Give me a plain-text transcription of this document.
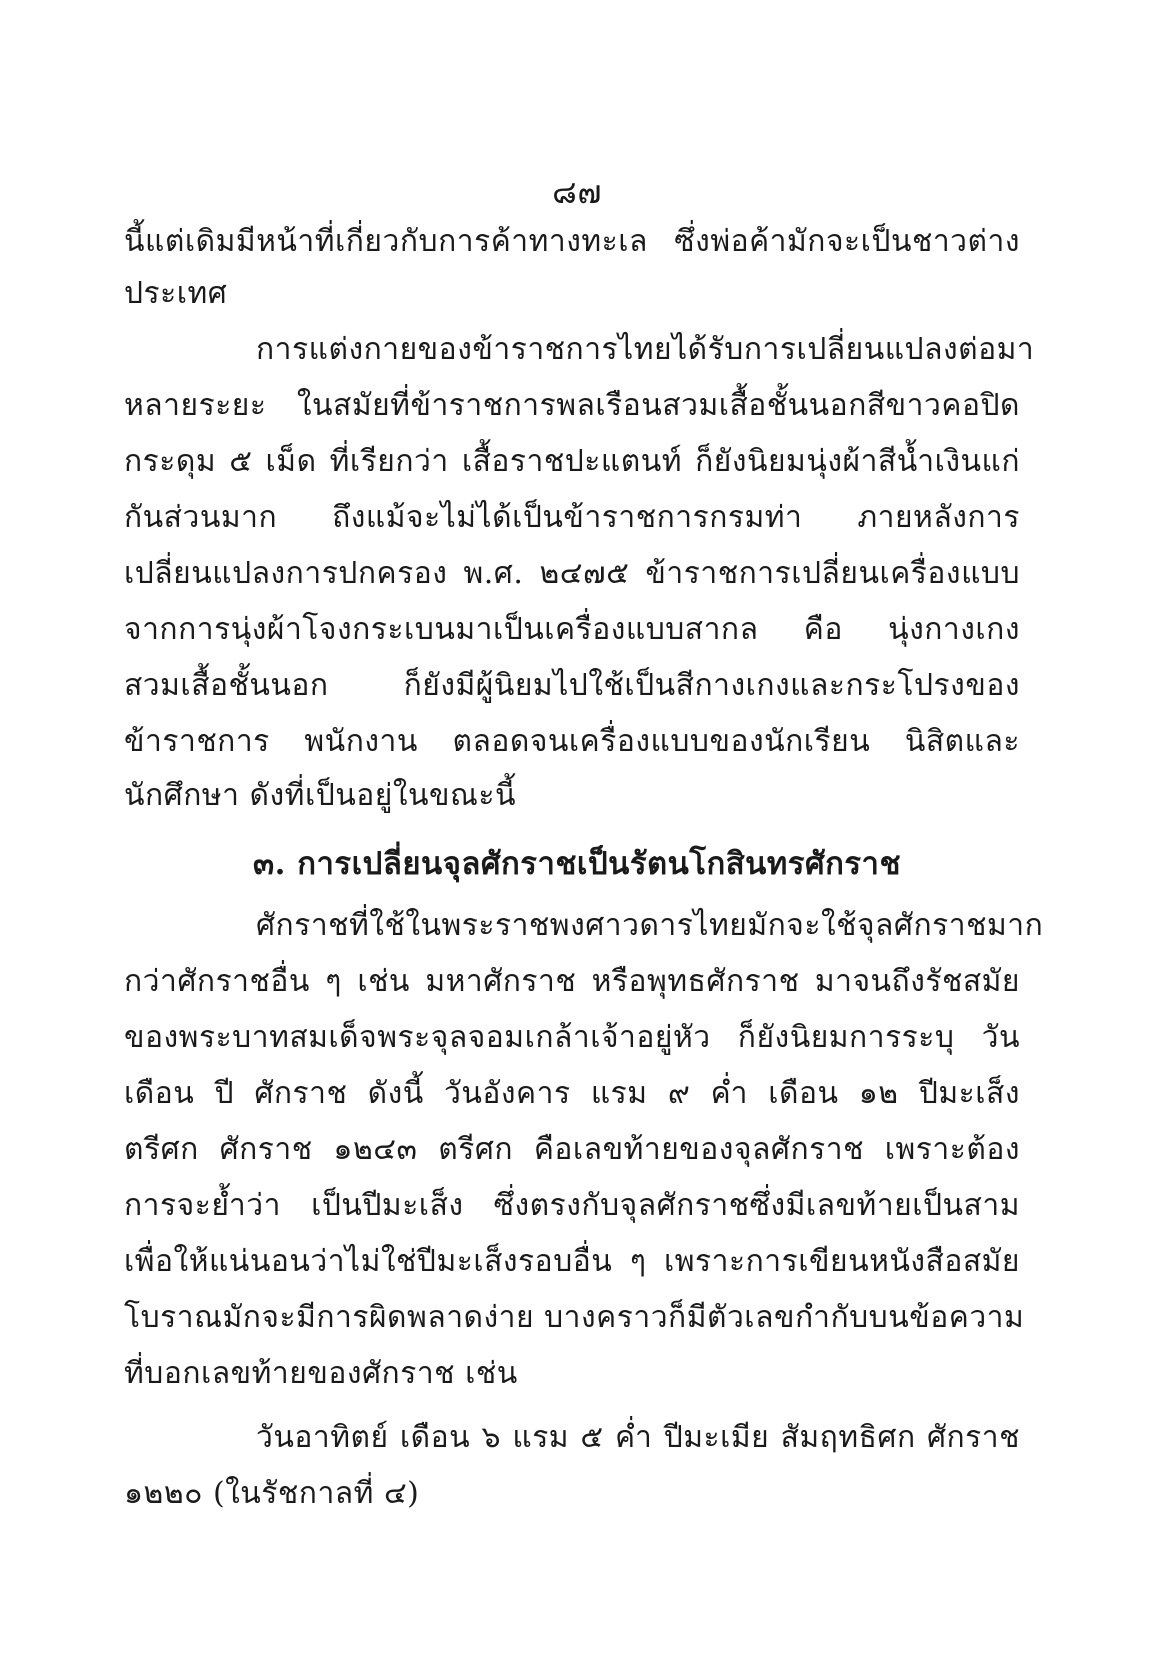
๘๗
นี้แต่เดิมมีหน้าที่เกี่ยวกับการค้าทางทะเล ซึ่งพ่อค้ามักจะเป็นชาวต่าง
ประเทศ
การแต่งกายของข้าราชการไทยได้รับการเปลี่ยนแปลงต่อมา
หลายระยะ ในสมัยที่ข้าราชการพลเรือนสวมเสื้อชั้นนอกสีขาวคอปิด
กระดุม ๕ เม็ด ที่เรียกว่า เสื้อราชปะแตนท์ ก็ยังนิยมนุ่งผ้าสีน้ำเงินแก่
กันส่วนมาก ถึงแม้จะไม่ได้เป็นข้าราชการกรมท่า ภายหลังการ
เปลี่ยนแปลงการปกครอง พ.ศ. ๒๔๗๕ ข้าราชการเปลี่ยนเครื่องแบบ
จากการนุ่งผ้าโจงกระเบนมาเป็นเครื่องแบบสากล คือ นุ่งกางเกง
สวมเสื้อชั้นนอก ก็ยังมีผู้นิยมไปใช้เป็นสีกางเกงและกระโปรงของ
ข้าราชการ พนักงาน ตลอดจนเครื่องแบบของนักเรียน นิสิตและ
นักศึกษา ดังที่เป็นอยู่ในขณะนี้
๓. การเปลี่ยนจุลศักราชเป็นรัตนโกสินทรศักราช
ศักราชที่ใช้ในพระราชพงศาวดารไทยมักจะใช้จุลศักราชมาก
กว่าศักราชอื่น ๆ เช่น มหาศักราช หรือพุทธศักราช มาจนถึงรัชสมัย
ของพระบาทสมเด็จพระจุลจอมเกล้าเจ้าอยู่หัว ก็ยังนิยมการระบุ วัน
เดือน ปี ศักราช ดังนี้ วันอังคาร แรม ๙ ค่ำ เดือน ๑๒ ปีมะเส็ง
ตรีศก ศักราช ๑๒๔๓ ตรีศก คือเลขท้ายของจุลศักราช เพราะต้อง
การจะย้ำว่า เป็นปีมะเส็ง ซึ่งตรงกับจุลศักราชซึ่งมีเลขท้ายเป็นสาม
เพื่อให้แน่นอนว่าไม่ใช่ปีมะเส็งรอบอื่น ๆ เพราะการเขียนหนังสือสมัย
โบราณมักจะมีการผิดพลาดง่าย บางคราวก็มีตัวเลขกำกับบนข้อความ
ที่บอกเลขท้ายของศักราช เช่น
วันอาทิตย์ เดือน ๖ แรม ๕ ค่ำ ปีมะเมีย สัมฤทธิศก ศักราช
๑๒๒๐ (ในรัชกาลที่ ๔)
